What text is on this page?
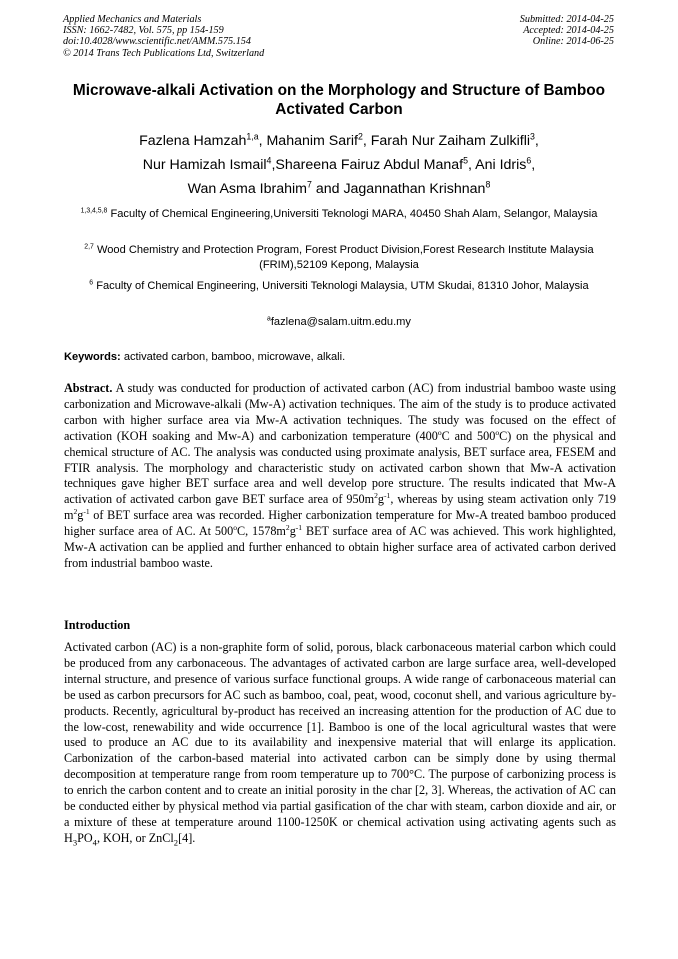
Applied Mechanics and Materials
ISSN: 1662-7482, Vol. 575, pp 154-159
doi:10.4028/www.scientific.net/AMM.575.154
© 2014 Trans Tech Publications Ltd, Switzerland
Submitted: 2014-04-25
Accepted: 2014-04-25
Online: 2014-06-25
Microwave-alkali Activation on the Morphology and Structure of Bamboo Activated Carbon
Fazlena Hamzah$^{1,a}$, Mahanim Sarif$^2$, Farah Nur Zaiham Zulkifli$^3$,
Nur Hamizah Ismail$^4$,Shareena Fairuz Abdul Manaf$^5$, Ani Idris$^6$,
Wan Asma Ibrahim$^7$ and Jagannathan Krishnan$^8$
$^{1,3,4,5,8}$ Faculty of Chemical Engineering,Universiti Teknologi MARA, 40450 Shah Alam, Selangor, Malaysia
$^{2,7}$ Wood Chemistry and Protection Program, Forest Product Division,Forest Research Institute Malaysia (FRIM),52109 Kepong, Malaysia
$^6$ Faculty of Chemical Engineering, Universiti Teknologi Malaysia, UTM Skudai, 81310 Johor, Malaysia
$^a$fazlena@salam.uitm.edu.my
Keywords: activated carbon, bamboo, microwave, alkali.
Abstract. A study was conducted for production of activated carbon (AC) from industrial bamboo waste using carbonization and Microwave-alkali (Mw-A) activation techniques. The aim of the study is to produce activated carbon with higher surface area via Mw-A activation techniques. The study was focused on the effect of activation (KOH soaking and Mw-A) and carbonization temperature (400$^o$C and 500$^o$C) on the physical and chemical structure of AC. The analysis was conducted using proximate analysis, BET surface area, FESEM and FTIR analysis. The morphology and characteristic study on activated carbon shown that Mw-A activation techniques gave higher BET surface area and well develop pore structure. The results indicated that Mw-A activation of activated carbon gave BET surface area of $950m^2g^{-1}$, whereas by using steam activation only 719 $m^2g^{-1}$ of BET surface area was recorded. Higher carbonization temperature for Mw-A treated bamboo produced higher surface area of AC. At 500$^o$C, $1578m^2g^{-1}$ BET surface area of AC was achieved. This work highlighted, Mw-A activation can be applied and further enhanced to obtain higher surface area of activated carbon derived from industrial bamboo waste.
Introduction
Activated carbon (AC) is a non-graphite form of solid, porous, black carbonaceous material carbon which could be produced from any carbonaceous. The advantages of activated carbon are large surface area, well-developed internal structure, and presence of various surface functional groups. A wide range of carbonaceous material can be used as carbon precursors for AC such as bamboo, coal, peat, wood, coconut shell, and various agriculture by-products. Recently, agricultural by-product has received an increasing attention for the production of AC due to the low-cost, renewability and wide occurrence [1]. Bamboo is one of the local agricultural wastes that were used to produce an AC due to its availability and inexpensive material that will enlarge its application. Carbonization of the carbon-based material into activated carbon can be simply done by using thermal decomposition at temperature range from room temperature up to 700°C. The purpose of carbonizing process is to enrich the carbon content and to create an initial porosity in the char [2, 3]. Whereas, the activation of AC can be conducted either by physical method via partial gasification of the char with steam, carbon dioxide and air, or a mixture of these at temperature around 1100-1250K or chemical activation using activating agents such as $H_3PO_4$, KOH, or ZnCl$_2$[4].
